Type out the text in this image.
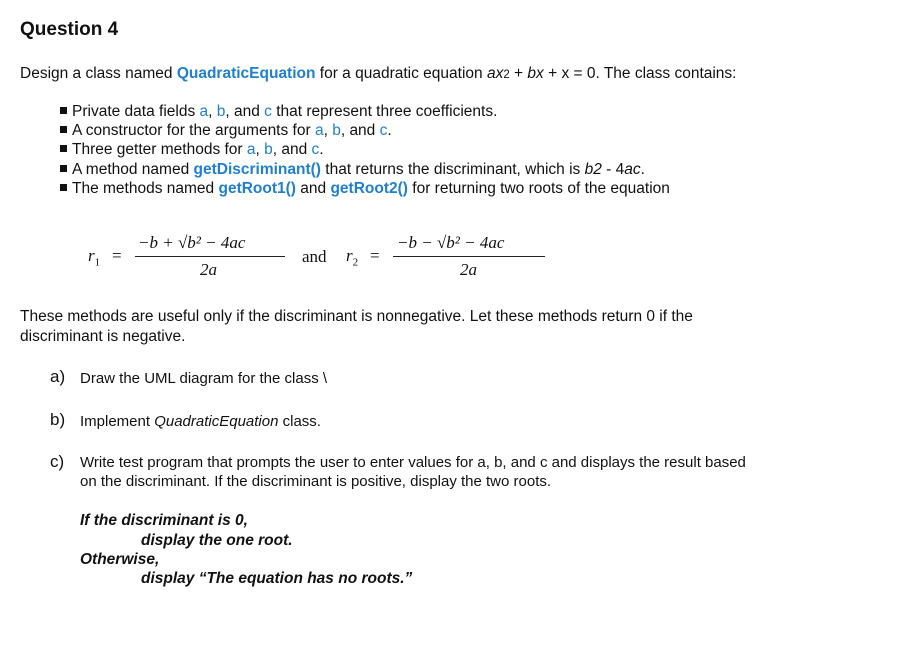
Question 4
Design a class named QuadraticEquation for a quadratic equation ax2 + bx + x = 0. The class contains:
Private data fields a, b, and c that represent three coefficients.
A constructor for the arguments for a, b, and c.
Three getter methods for a, b, and c.
A method named getDiscriminant() that returns the discriminant, which is b2 - 4ac.
The methods named getRoot1() and getRoot2() for returning two roots of the equation
$r_1$ =
−b + √b² − 4ac
2a
and $r_2$ =
−b − √b² − 4ac
2a
These methods are useful only if the discriminant is nonnegative. Let these methods return 0 if the
discriminant is negative.
a) Draw the UML diagram for the class \
b) Implement QuadraticEquation class.
c) Write test program that prompts the user to enter values for a, b, and c and displays the result based
on the discriminant. If the discriminant is positive, display the two roots.
If the discriminant is 0,
display the one root.
Otherwise,
display “The equation has no roots.”
